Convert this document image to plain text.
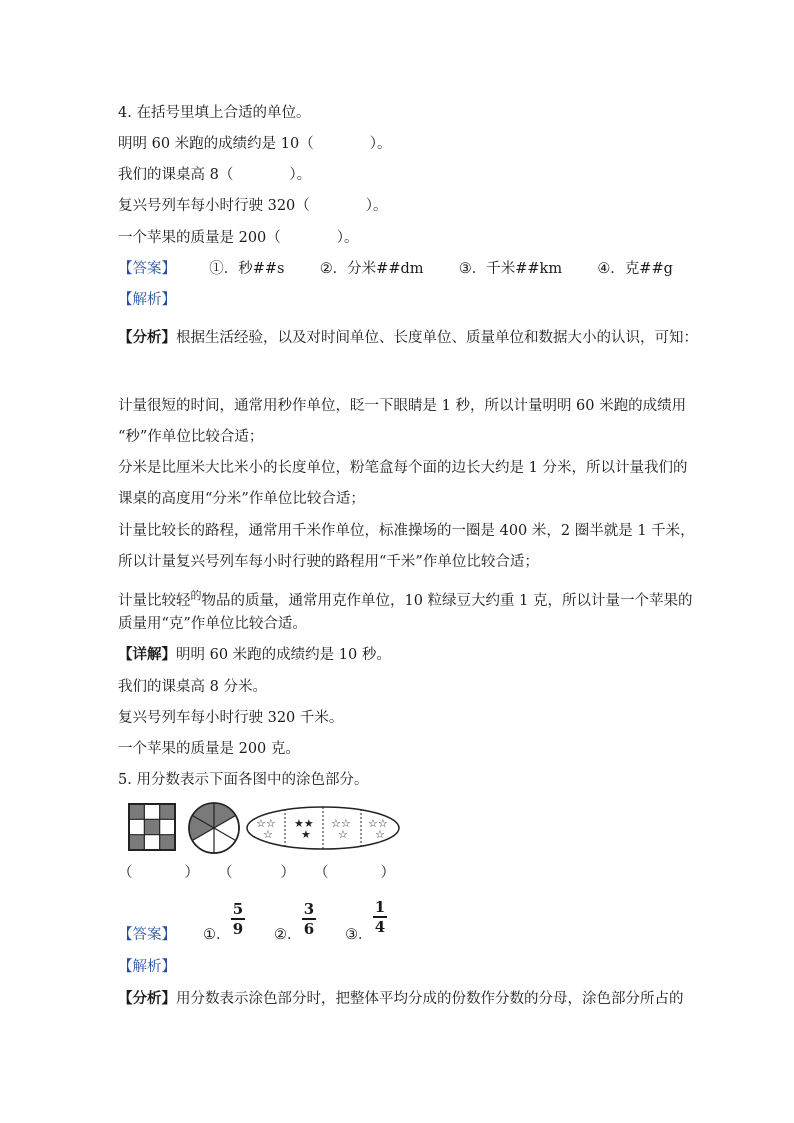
4. 在括号里填上合适的单位。
明明 60 米跑的成绩约是 10（	）。
我们的课桌高 8（	）。
复兴号列车每小时行驶 320（	）。
一个苹果的质量是 200（	）。
【答案】 ①．秒##s ②．分米##dm ③．千米##km ④．克##g
【解析】
【分析】根据生活经验，以及对时间单位、长度单位、质量单位和数据大小的认识，可知：
计量很短的时间，通常用秒作单位，眨一下眼睛是 1 秒，所以计量明明 60 米跑的成绩用
“秒”作单位比较合适；
分米是比厘米大比米小的长度单位，粉笔盒每个面的边长大约是 1 分米，所以计量我们的
课桌的高度用“分米”作单位比较合适；
计量比较长的路程，通常用千米作单位，标准操场的一圈是 400 米，2 圈半就是 1 千米，
所以计量复兴号列车每小时行驶的路程用“千米”作单位比较合适；
计量比较轻$^的$物品的质量，通常用克作单位，10 粒绿豆大约重 1 克，所以计量一个苹果的
质量用“克”作单位比较合适。
【详解】明明 60 米跑的成绩约是 10 秒。
我们的课桌高 8 分米。
复兴号列车每小时行驶 320 千米。
一个苹果的质量是 200 克。
5. 用分数表示下面各图中的涂色部分。
☆☆
☆
★★
★
☆☆
☆
☆☆
☆
（	） （	） （	）
【答案】 ①．
5
9 ②．
3
6 ③．
1
4
【解析】
【分析】用分数表示涂色部分时，把整体平均分成的份数作分数的分母，涂色部分所占的
